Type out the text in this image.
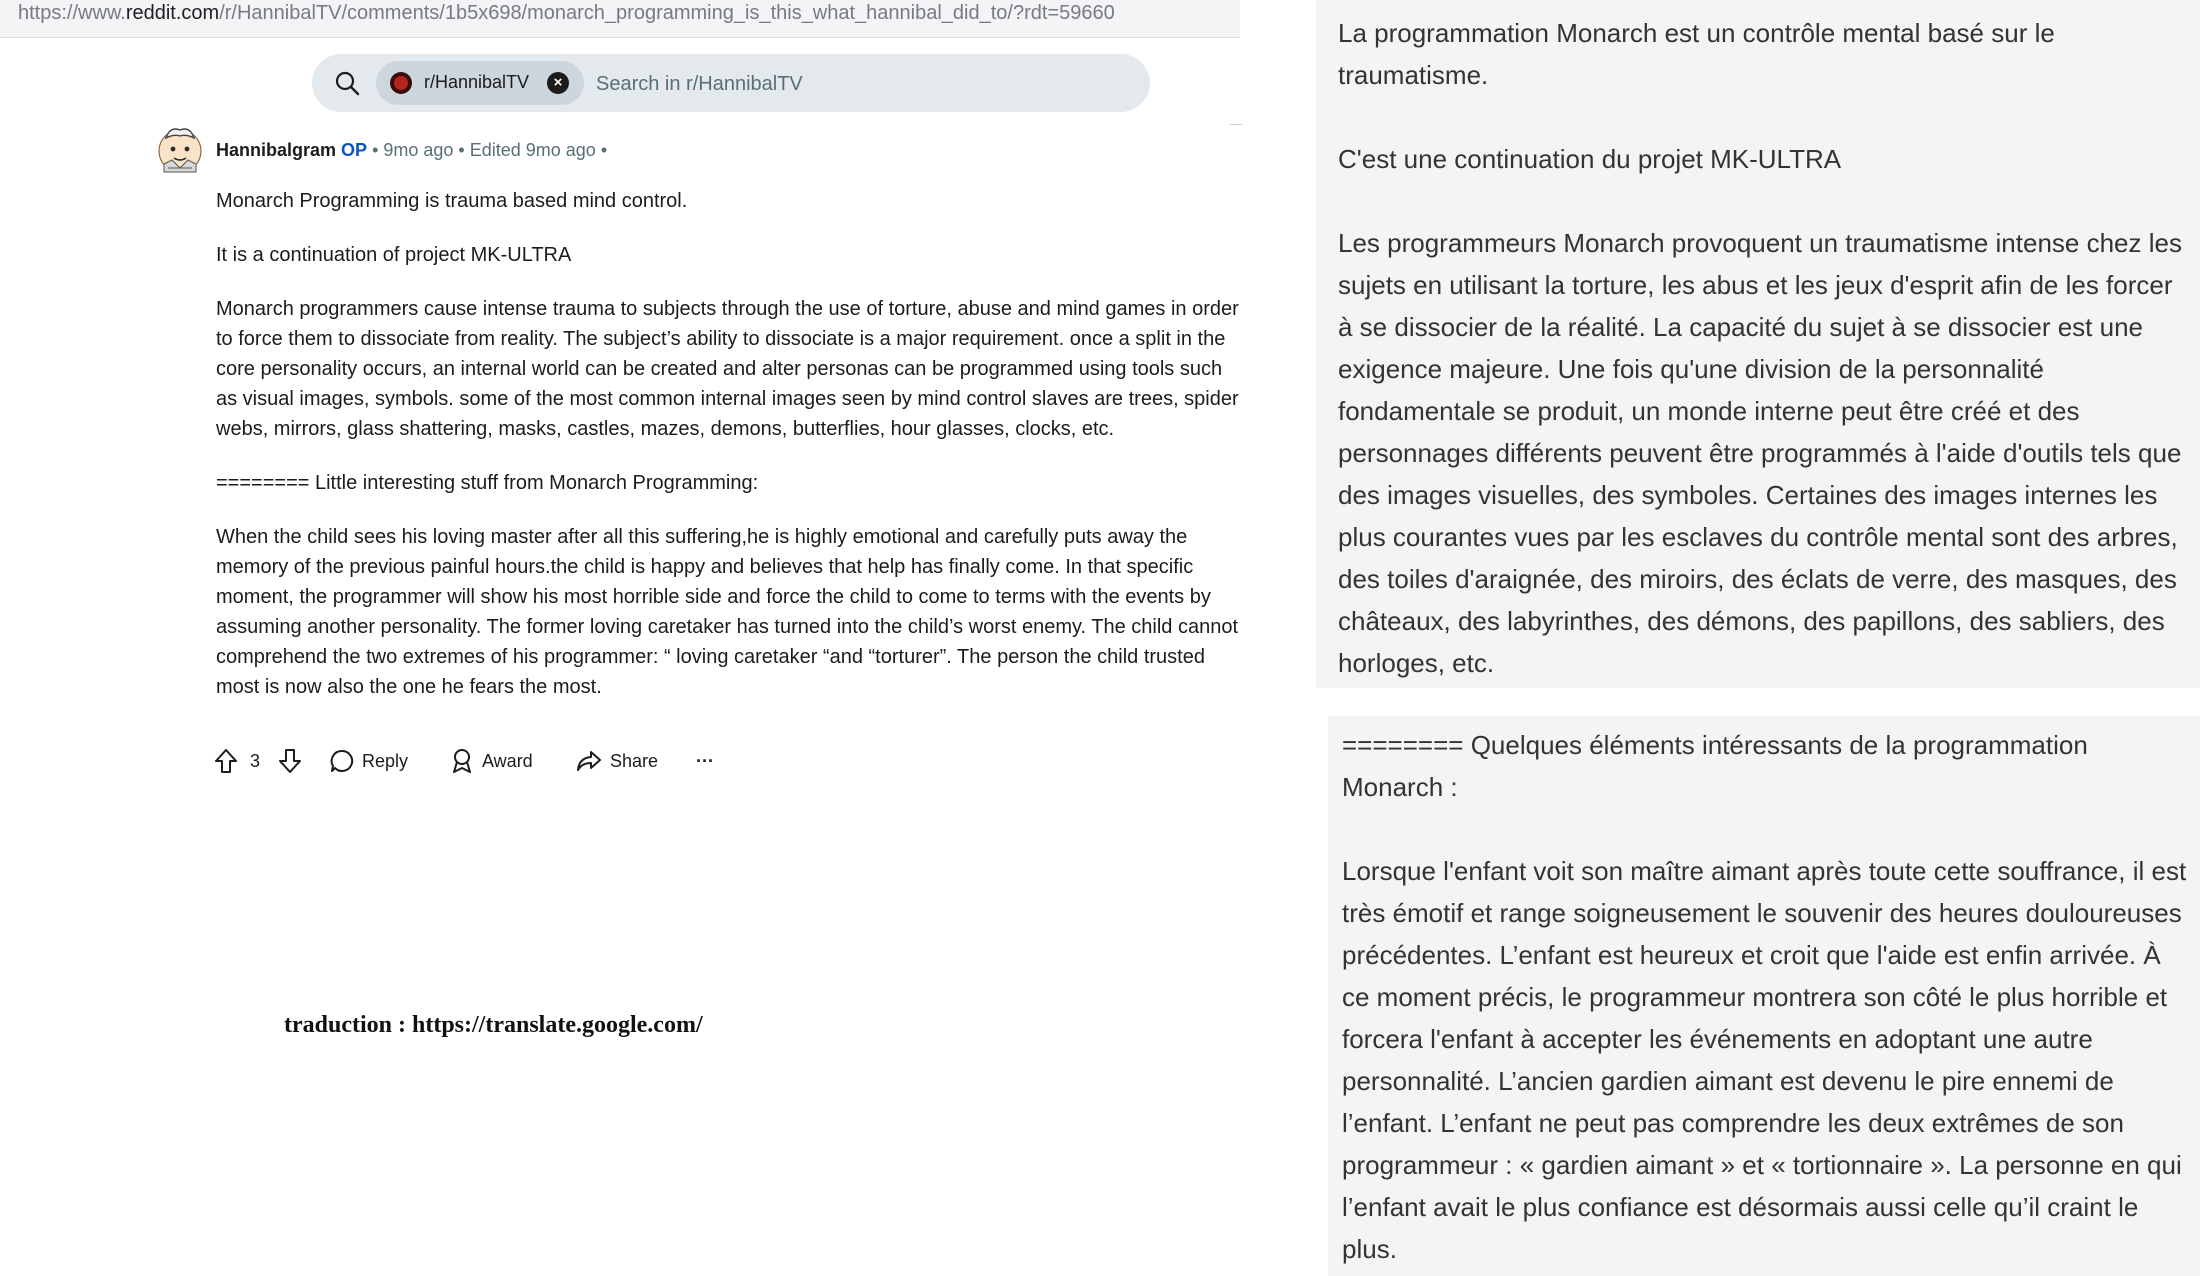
https://www.reddit.com/r/HannibalTV/comments/1b5x698/monarch_programming_is_this_what_hannibal_did_to/?rdt=59660
r/HannibalTV	×
Search in r/HannibalTV
Hannibalgram OP • 9mo ago • Edited 9mo ago •

Monarch Programming is trauma based mind control.

It is a continuation of project MK-ULTRA

Monarch programmers cause intense trauma to subjects through the use of torture, abuse and mind games in order to force them to dissociate from reality. The subject’s ability to dissociate is a major requirement. once a split in the core personality occurs, an internal world can be created and alter personas can be programmed using tools such as visual images, symbols. some of the most common internal images seen by mind control slaves are trees, spider webs, mirrors, glass shattering, masks, castles, mazes, demons, butterflies, hour glasses, clocks, etc.

======== Little interesting stuff from Monarch Programming:

When the child sees his loving master after all this suffering,he is highly emotional and carefully puts away the memory of the previous painful hours.the child is happy and believes that help has finally come. In that specific moment, the programmer will show his most horrible side and force the child to come to terms with the events by assuming another personality. The former loving caretaker has turned into the child’s worst enemy. The child cannot comprehend the two extremes of his programmer: “ loving caretaker “and “torturer”. The person the child trusted most is now also the one he fears the most.

3	Reply	Award	Share ···
traduction : https://translate.google.com/

La programmation Monarch est un contrôle mental basé sur le traumatisme.

C'est une continuation du projet MK-ULTRA

Les programmeurs Monarch provoquent un traumatisme intense chez les sujets en utilisant la torture, les abus et les jeux d'esprit afin de les forcer à se dissocier de la réalité. La capacité du sujet à se dissocier est une exigence majeure. Une fois qu'une division de la personnalité fondamentale se produit, un monde interne peut être créé et des personnages différents peuvent être programmés à l'aide d'outils tels que des images visuelles, des symboles. Certaines des images internes les plus courantes vues par les esclaves du contrôle mental sont des arbres, des toiles d'araignée, des miroirs, des éclats de verre, des masques, des châteaux, des labyrinthes, des démons, des papillons, des sabliers, des horloges, etc.

======== Quelques éléments intéressants de la programmation Monarch :

Lorsque l'enfant voit son maître aimant après toute cette souffrance, il est très émotif et range soigneusement le souvenir des heures douloureuses précédentes. L’enfant est heureux et croit que l'aide est enfin arrivée. À ce moment précis, le programmeur montrera son côté le plus horrible et forcera l'enfant à accepter les événements en adoptant une autre personnalité. L’ancien gardien aimant est devenu le pire ennemi de l’enfant. L’enfant ne peut pas comprendre les deux extrêmes de son programmeur : « gardien aimant » et « tortionnaire ». La personne en qui l’enfant avait le plus confiance est désormais aussi celle qu’il craint le plus.
